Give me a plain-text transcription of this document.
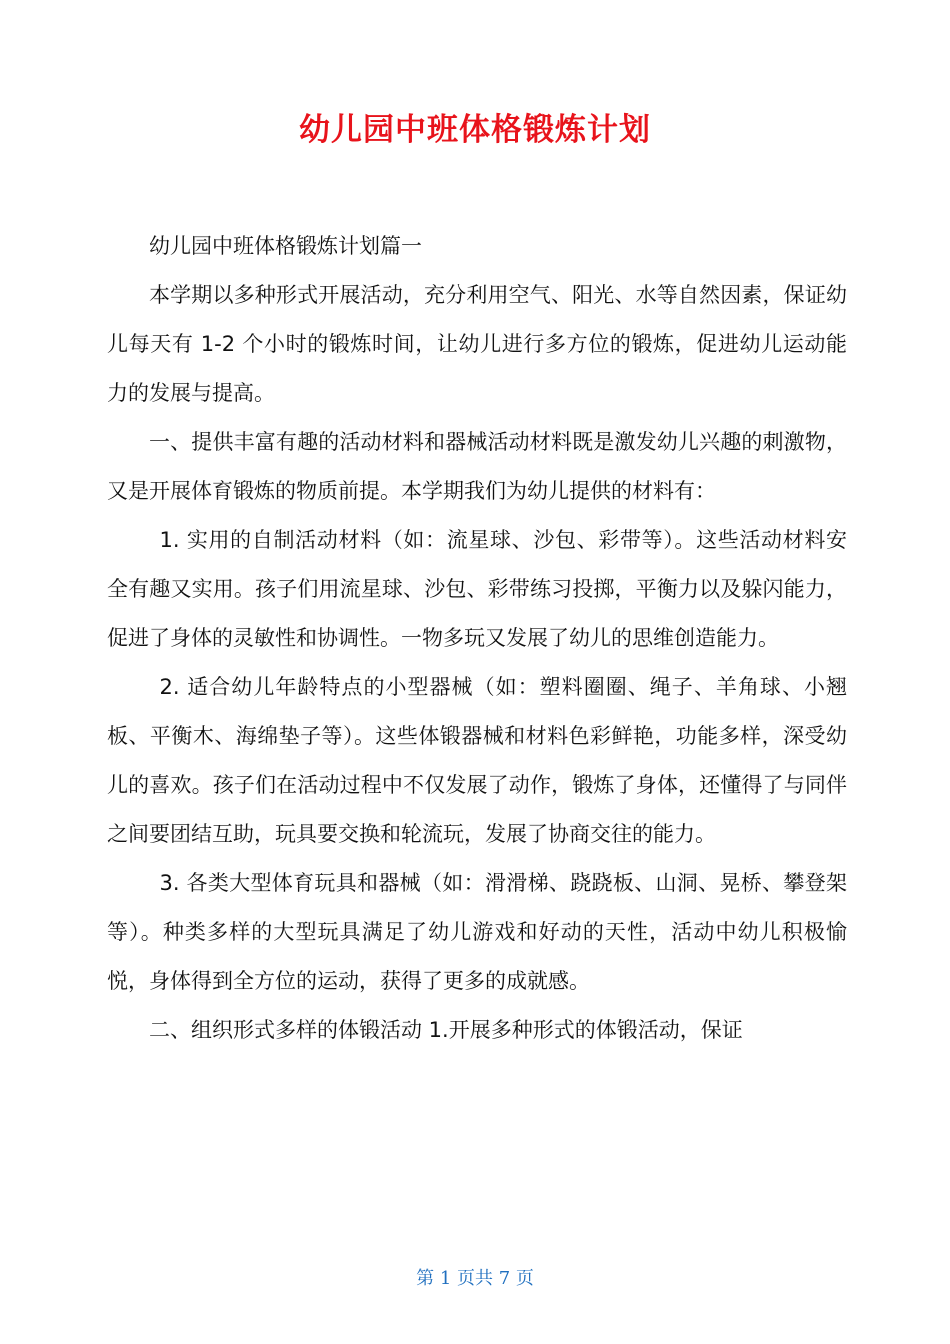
幼儿园中班体格锻炼计划

幼儿园中班体格锻炼计划篇一

本学期以多种形式开展活动，充分利用空气、阳光、水等自然因素，保证幼儿每天有 1-2 个小时的锻炼时间，让幼儿进行多方位的锻炼，促进幼儿运动能力的发展与提高。

一、提供丰富有趣的活动材料和器械活动材料既是激发幼儿兴趣的刺激物，又是开展体育锻炼的物质前提。本学期我们为幼儿提供的材料有：

1. 实用的自制活动材料（如：流星球、沙包、彩带等）。这些活动材料安全有趣又实用。孩子们用流星球、沙包、彩带练习投掷，平衡力以及躲闪能力，促进了身体的灵敏性和协调性。一物多玩又发展了幼儿的思维创造能力。

2. 适合幼儿年龄特点的小型器械（如：塑料圈圈、绳子、羊角球、小翘板、平衡木、海绵垫子等）。这些体锻器械和材料色彩鲜艳，功能多样，深受幼儿的喜欢。孩子们在活动过程中不仅发展了动作，锻炼了身体，还懂得了与同伴之间要团结互助，玩具要交换和轮流玩，发展了协商交往的能力。

3. 各类大型体育玩具和器械（如：滑滑梯、跷跷板、山洞、晃桥、攀登架等）。种类多样的大型玩具满足了幼儿游戏和好动的天性，活动中幼儿积极愉悦，身体得到全方位的运动，获得了更多的成就感。

二、组织形式多样的体锻活动 1.开展多种形式的体锻活动，保证

第 1 页共 7 页
